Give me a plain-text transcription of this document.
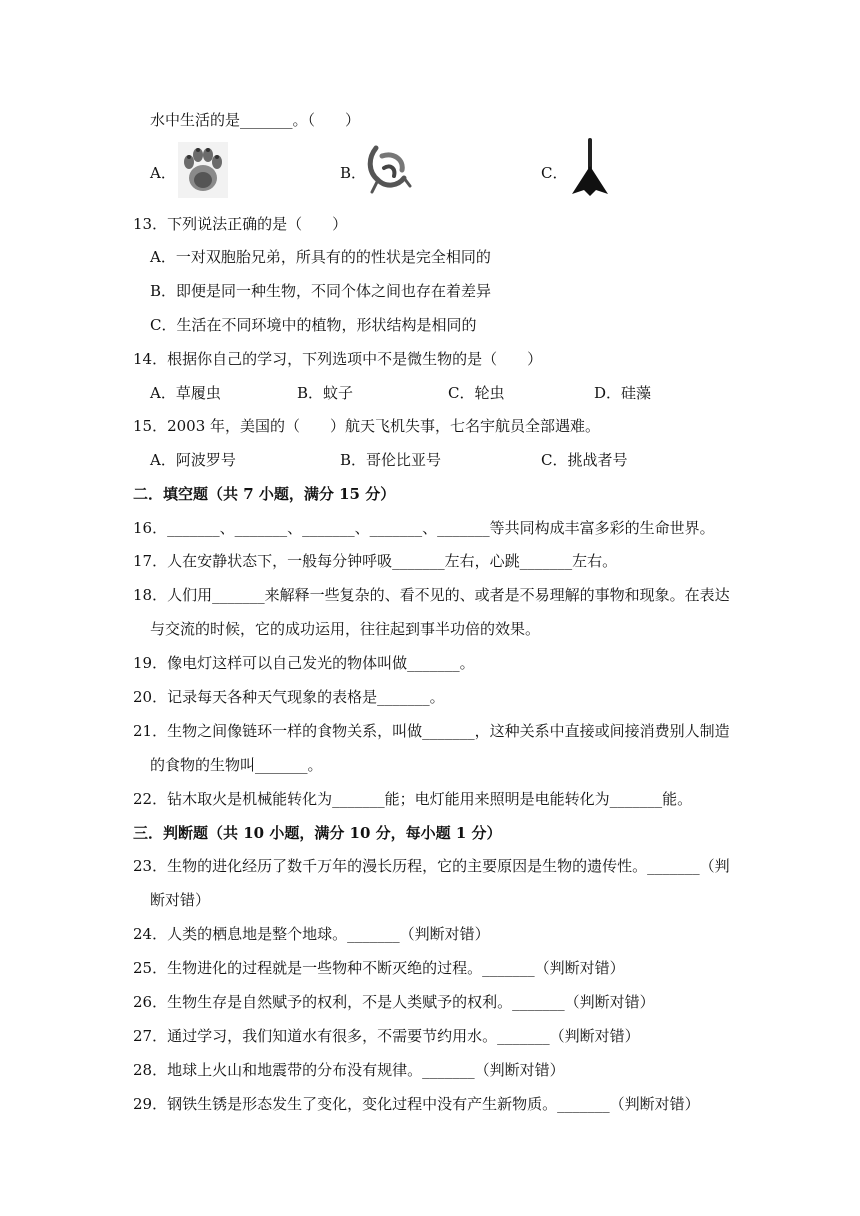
水中生活的是_______。（　　）
A．	B．	C．
13．下列说法正确的是（　　）
A．一对双胞胎兄弟，所具有的的性状是完全相同的
B．即便是同一种生物，不同个体之间也存在着差异
C．生活在不同环境中的植物，形状结构是相同的
14．根据你自己的学习，下列选项中不是微生物的是（　　）
A．草履虫	B．蚊子	C．轮虫	D．硅藻
15．2003 年，美国的（　　）航天飞机失事，七名宇航员全部遇难。
A．阿波罗号	B．哥伦比亚号	C．挑战者号
二．填空题（共 7 小题，满分 15 分）
16．_______、_______、_______、_______、_______等共同构成丰富多彩的生命世界。
17．人在安静状态下，一般每分钟呼吸_______左右，心跳_______左右。
18．人们用_______来解释一些复杂的、看不见的、或者是不易理解的事物和现象。在表达
与交流的时候，它的成功运用，往往起到事半功倍的效果。
19．像电灯这样可以自己发光的物体叫做_______。
20．记录每天各种天气现象的表格是_______。
21．生物之间像链环一样的食物关系，叫做_______，这种关系中直接或间接消费别人制造
的食物的生物叫_______。
22．钻木取火是机械能转化为_______能；电灯能用来照明是电能转化为_______能。
三．判断题（共 10 小题，满分 10 分，每小题 1 分）
23．生物的进化经历了数千万年的漫长历程，它的主要原因是生物的遗传性。_______（判
断对错）
24．人类的栖息地是整个地球。_______（判断对错）
25．生物进化的过程就是一些物种不断灭绝的过程。_______（判断对错）
26．生物生存是自然赋予的权利，不是人类赋予的权利。_______（判断对错）
27．通过学习，我们知道水有很多，不需要节约用水。_______（判断对错）
28．地球上火山和地震带的分布没有规律。_______（判断对错）
29．钢铁生锈是形态发生了变化，变化过程中没有产生新物质。_______（判断对错）
